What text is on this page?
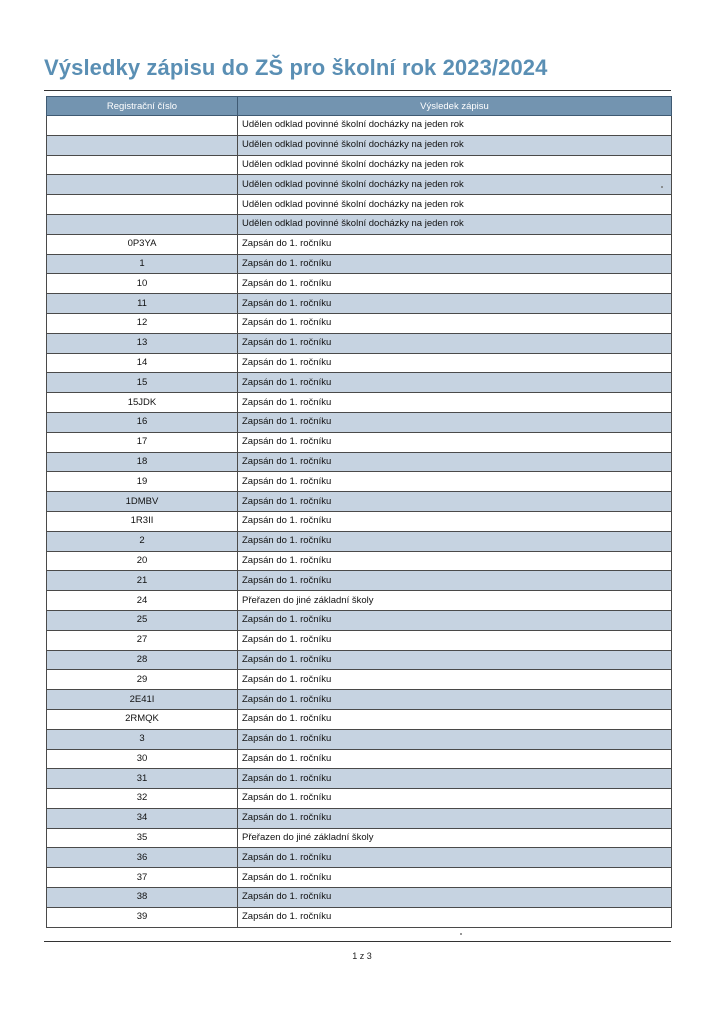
Výsledky zápisu do ZŠ pro školní rok 2023/2024
Registrační číslo	Výsledek zápisu
	Udělen odklad povinné školní docházky na jeden rok
	Udělen odklad povinné školní docházky na jeden rok
	Udělen odklad povinné školní docházky na jeden rok
	Udělen odklad povinné školní docházky na jeden rok
	Udělen odklad povinné školní docházky na jeden rok
	Udělen odklad povinné školní docházky na jeden rok
0P3YA	Zapsán do 1. ročníku
1	Zapsán do 1. ročníku
10	Zapsán do 1. ročníku
11	Zapsán do 1. ročníku
12	Zapsán do 1. ročníku
13	Zapsán do 1. ročníku
14	Zapsán do 1. ročníku
15	Zapsán do 1. ročníku
15JDK	Zapsán do 1. ročníku
16	Zapsán do 1. ročníku
17	Zapsán do 1. ročníku
18	Zapsán do 1. ročníku
19	Zapsán do 1. ročníku
1DMBV	Zapsán do 1. ročníku
1R3II	Zapsán do 1. ročníku
2	Zapsán do 1. ročníku
20	Zapsán do 1. ročníku
21	Zapsán do 1. ročníku
24	Přeřazen do jiné základní školy
25	Zapsán do 1. ročníku
27	Zapsán do 1. ročníku
28	Zapsán do 1. ročníku
29	Zapsán do 1. ročníku
2E41I	Zapsán do 1. ročníku
2RMQK	Zapsán do 1. ročníku
3	Zapsán do 1. ročníku
30	Zapsán do 1. ročníku
31	Zapsán do 1. ročníku
32	Zapsán do 1. ročníku
34	Zapsán do 1. ročníku
35	Přeřazen do jiné základní školy
36	Zapsán do 1. ročníku
37	Zapsán do 1. ročníku
38	Zapsán do 1. ročníku
39	Zapsán do 1. ročníku
1 z 3
